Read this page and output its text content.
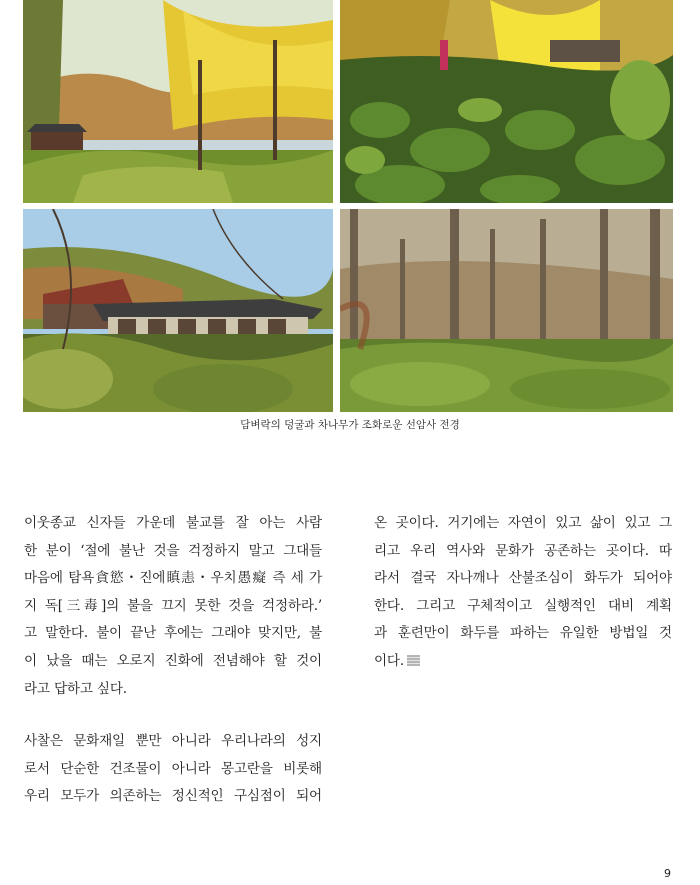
담벼락의 덩굴과 차나무가 조화로운 선암사 전경
이웃종교 신자들 가운데 불교를 잘 아는 사람
한 분이 ‘절에 불난 것을 걱정하지 말고 그대들
마음에 탐욕貪慾・진에瞋恚・우치愚癡 즉 세 가
지 독[三毒]의 불을 끄지 못한 것을 걱정하라.’
고 말한다. 불이 끝난 후에는 그래야 맞지만, 불
이 났을 때는 오로지 진화에 전념해야 할 것이
라고 답하고 싶다.
사찰은 문화재일 뿐만 아니라 우리나라의 성지
로서 단순한 건조물이 아니라 몽고란을 비롯해
우리 모두가 의존하는 정신적인 구심점이 되어
온 곳이다. 거기에는 자연이 있고 삶이 있고 그
리고 우리 역사와 문화가 공존하는 곳이다. 따
라서 결국 자나깨나 산불조심이 화두가 되어야
한다. 그리고 구체적이고 실행적인 대비 계획
과 훈련만이 화두를 파하는 유일한 방법일 것
이다.
9
